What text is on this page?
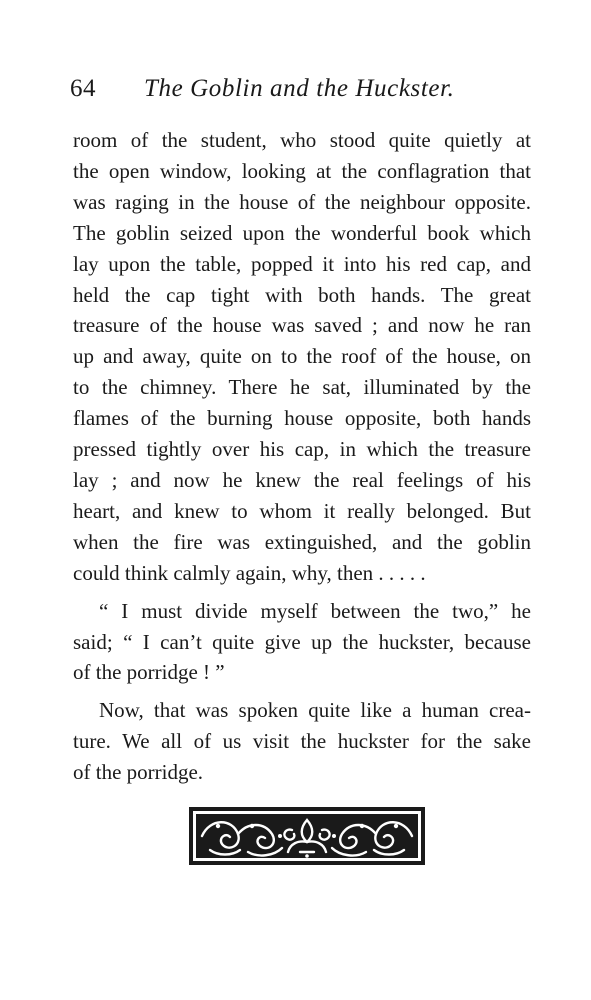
64 The Goblin and the Huckster.

room of the student, who stood quite quietly at

the open window, looking at the conflagration that

was raging in the house of the neighbour opposite.

The goblin seized upon the wonderful book which

lay upon the table, popped it into his red cap, and

held the cap tight with both hands. The great

treasure of the house was saved ; and now he ran

up and away, quite on to the roof of the house, on

to the chimney. There he sat, illuminated by the

flames of the burning house opposite, both hands

pressed tightly over his cap, in which the treasure

lay ; and now he knew the real feelings of his

heart, and knew to whom it really belonged. But

when the fire was extinguished, and the goblin

could think calmly again, why, then . . . . .

“ I must divide myself between the two,” he

said; “ I can’t quite give up the huckster, because

of the porridge ! ”

Now, that was spoken quite like a human crea-

ture. We all of us visit the huckster for the sake

of the porridge.
